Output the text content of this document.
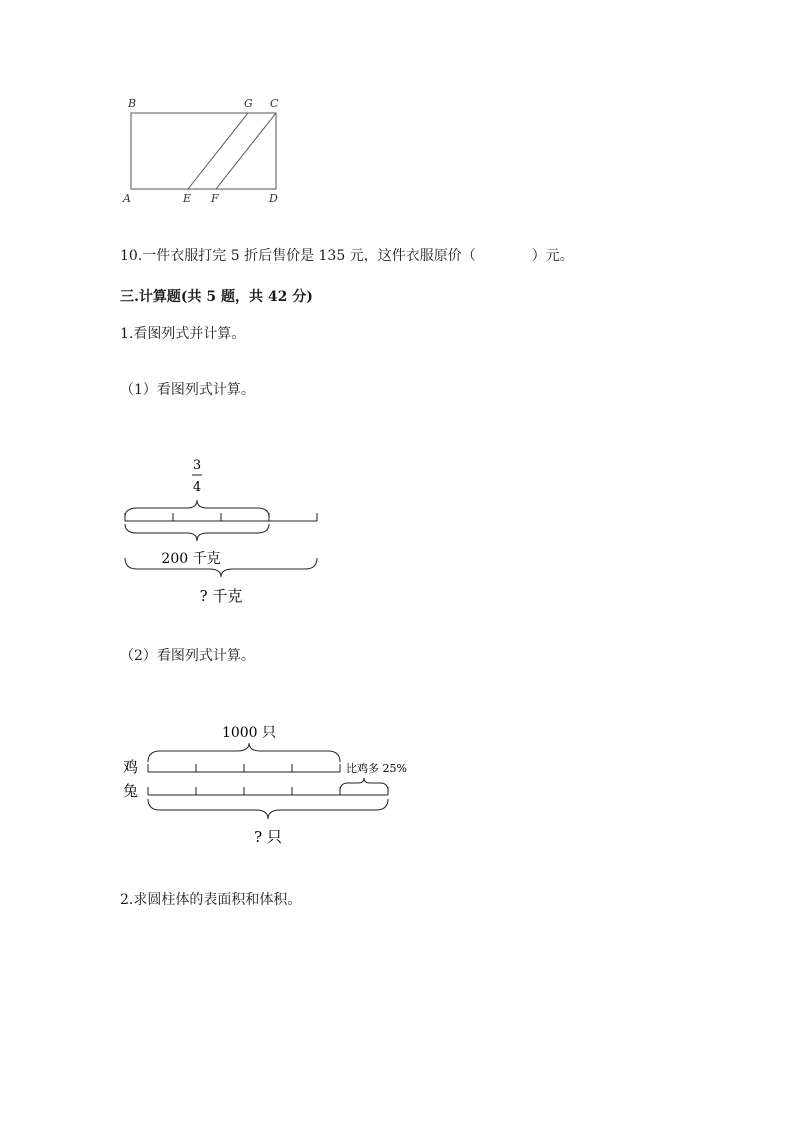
B	G C
A	E F	D
10.一件衣服打完 5 折后售价是 135 元，这件衣服原价（	）元。
三.计算题(共 5 题，共 42 分)
1.看图列式并计算。
（1）看图列式计算。
3
4
200 千克
? 千克
（2）看图列式计算。
1000 只
鸡	比鸡多 25%
兔
? 只
2.求圆柱体的表面积和体积。
